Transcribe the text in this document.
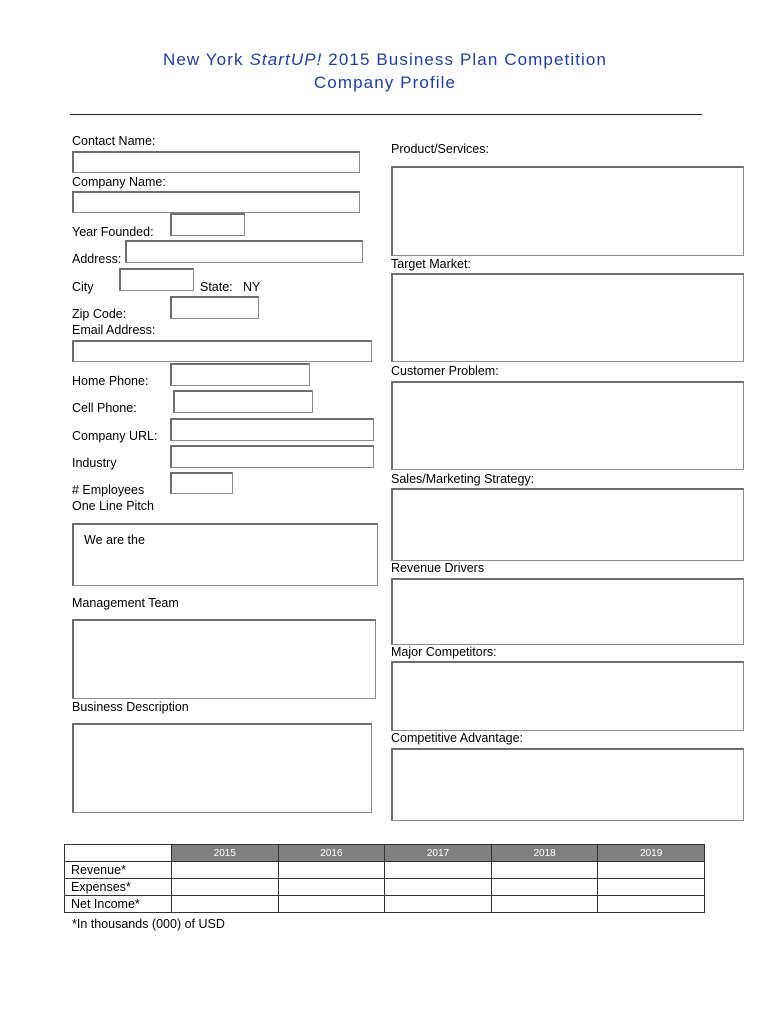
New York StartUP! 2015 Business Plan Competition
Company Profile
Contact Name:
Company Name:
Year Founded:
Address:
City	State: NY
Zip Code:
Email Address:
Home Phone:
Cell Phone:
Company URL:
Industry
# Employees
One Line Pitch
We are the
Management Team
Business Description
Product/Services:
Target Market:
Customer Problem:
Sales/Marketing Strategy:
Revenue Drivers
Major Competitors:
Competitive Advantage:
	2015	2016	2017	2018	2019
Revenue*					
Expenses*					
Net Income*					
*In thousands (000) of USD
